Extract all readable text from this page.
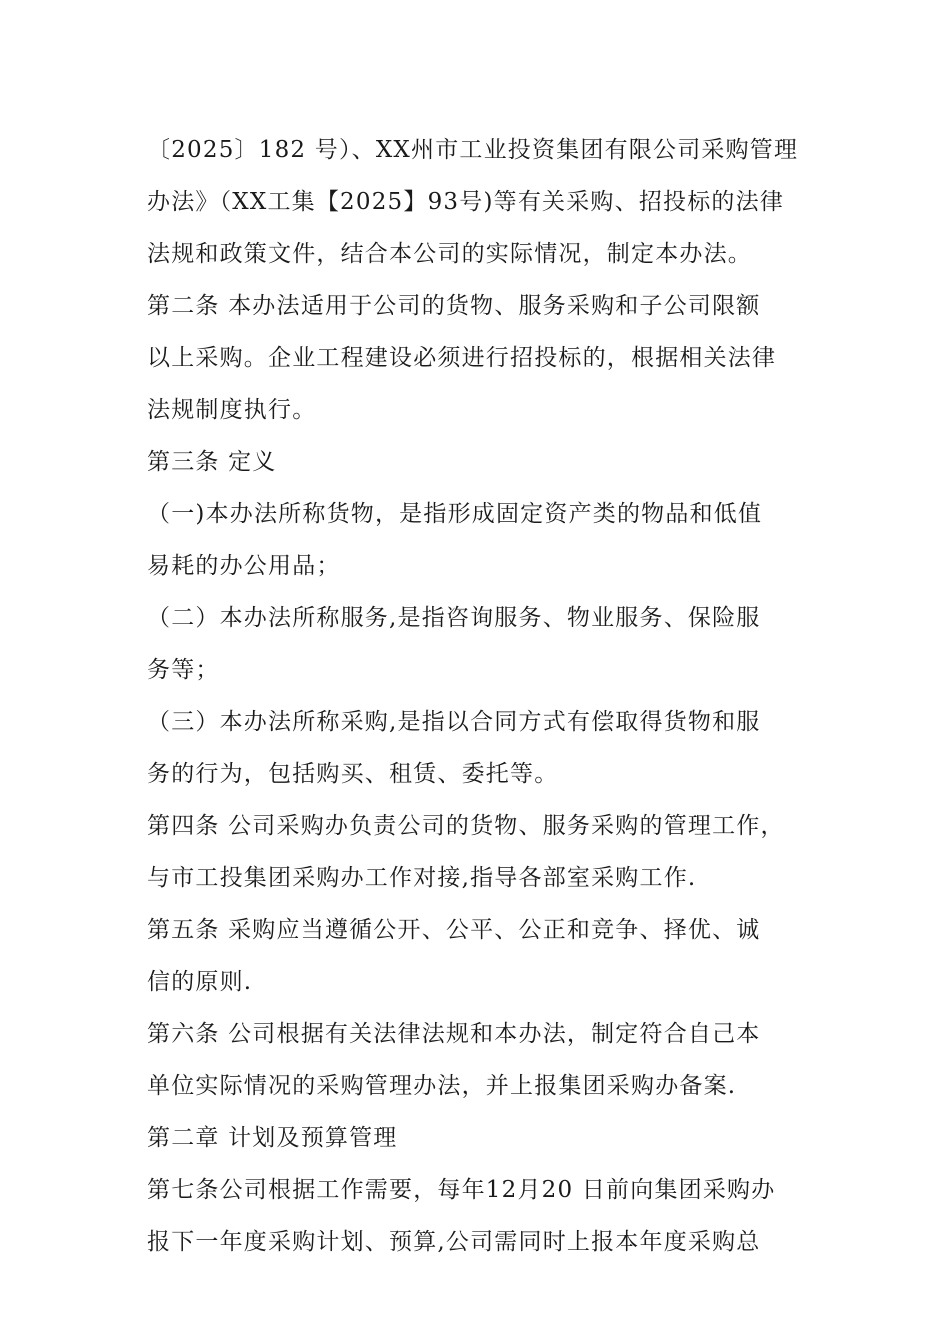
〔2025〕182 号）、XX州市工业投资集团有限公司采购管理
办法》（XX工集【2025】93号)等有关采购、招投标的法律
法规和政策文件，结合本公司的实际情况，制定本办法。
第二条 本办法适用于公司的货物、服务采购和子公司限额
以上采购。企业工程建设必须进行招投标的，根据相关法律
法规制度执行。
第三条 定义
（一)本办法所称货物，是指形成固定资产类的物品和低值
易耗的办公用品；
（二）本办法所称服务,是指咨询服务、物业服务、保险服
务等；
（三）本办法所称采购,是指以合同方式有偿取得货物和服
务的行为，包括购买、租赁、委托等。
第四条 公司采购办负责公司的货物、服务采购的管理工作，
与市工投集团采购办工作对接,指导各部室采购工作.
第五条 采购应当遵循公开、公平、公正和竞争、择优、诚
信的原则.
第六条 公司根据有关法律法规和本办法，制定符合自己本
单位实际情况的采购管理办法，并上报集团采购办备案.
第二章 计划及预算管理
第七条公司根据工作需要，每年12月20 日前向集团采购办
报下一年度采购计划、预算,公司需同时上报本年度采购总
